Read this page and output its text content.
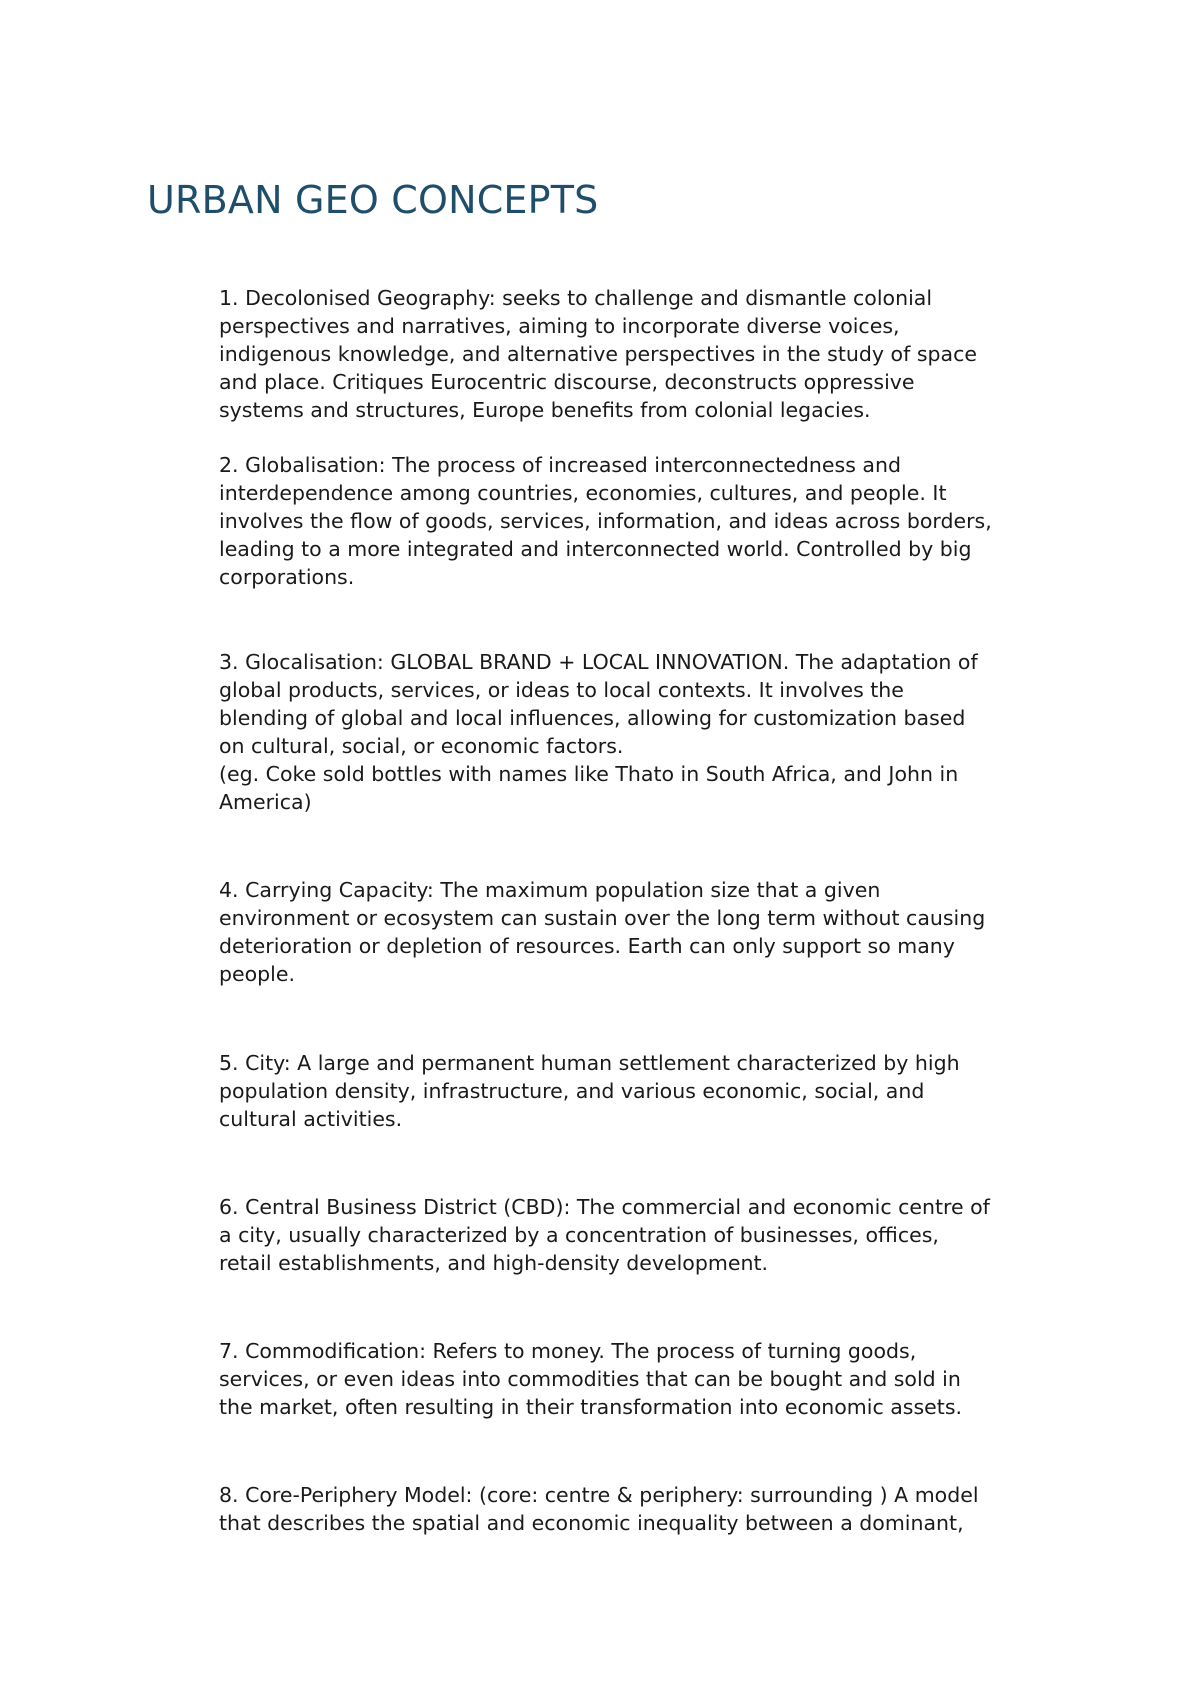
URBAN GEO CONCEPTS

1. Decolonised Geography: seeks to challenge and dismantle colonial
perspectives and narratives, aiming to incorporate diverse voices,
indigenous knowledge, and alternative perspectives in the study of space
and place. Critiques Eurocentric discourse, deconstructs oppressive
systems and structures, Europe benefits from colonial legacies.

2. Globalisation: The process of increased interconnectedness and
interdependence among countries, economies, cultures, and people. It
involves the flow of goods, services, information, and ideas across borders,
leading to a more integrated and interconnected world. Controlled by big
corporations.

3. Glocalisation: GLOBAL BRAND + LOCAL INNOVATION. The adaptation of
global products, services, or ideas to local contexts. It involves the
blending of global and local influences, allowing for customization based
on cultural, social, or economic factors.
(eg. Coke sold bottles with names like Thato in South Africa, and John in
America)

4. Carrying Capacity: The maximum population size that a given
environment or ecosystem can sustain over the long term without causing
deterioration or depletion of resources. Earth can only support so many
people.

5. City: A large and permanent human settlement characterized by high
population density, infrastructure, and various economic, social, and
cultural activities.

6. Central Business District (CBD): The commercial and economic centre of
a city, usually characterized by a concentration of businesses, offices,
retail establishments, and high-density development.

7. Commodification: Refers to money. The process of turning goods,
services, or even ideas into commodities that can be bought and sold in
the market, often resulting in their transformation into economic assets.

8. Core-Periphery Model: (core: centre & periphery: surrounding ) A model
that describes the spatial and economic inequality between a dominant,
